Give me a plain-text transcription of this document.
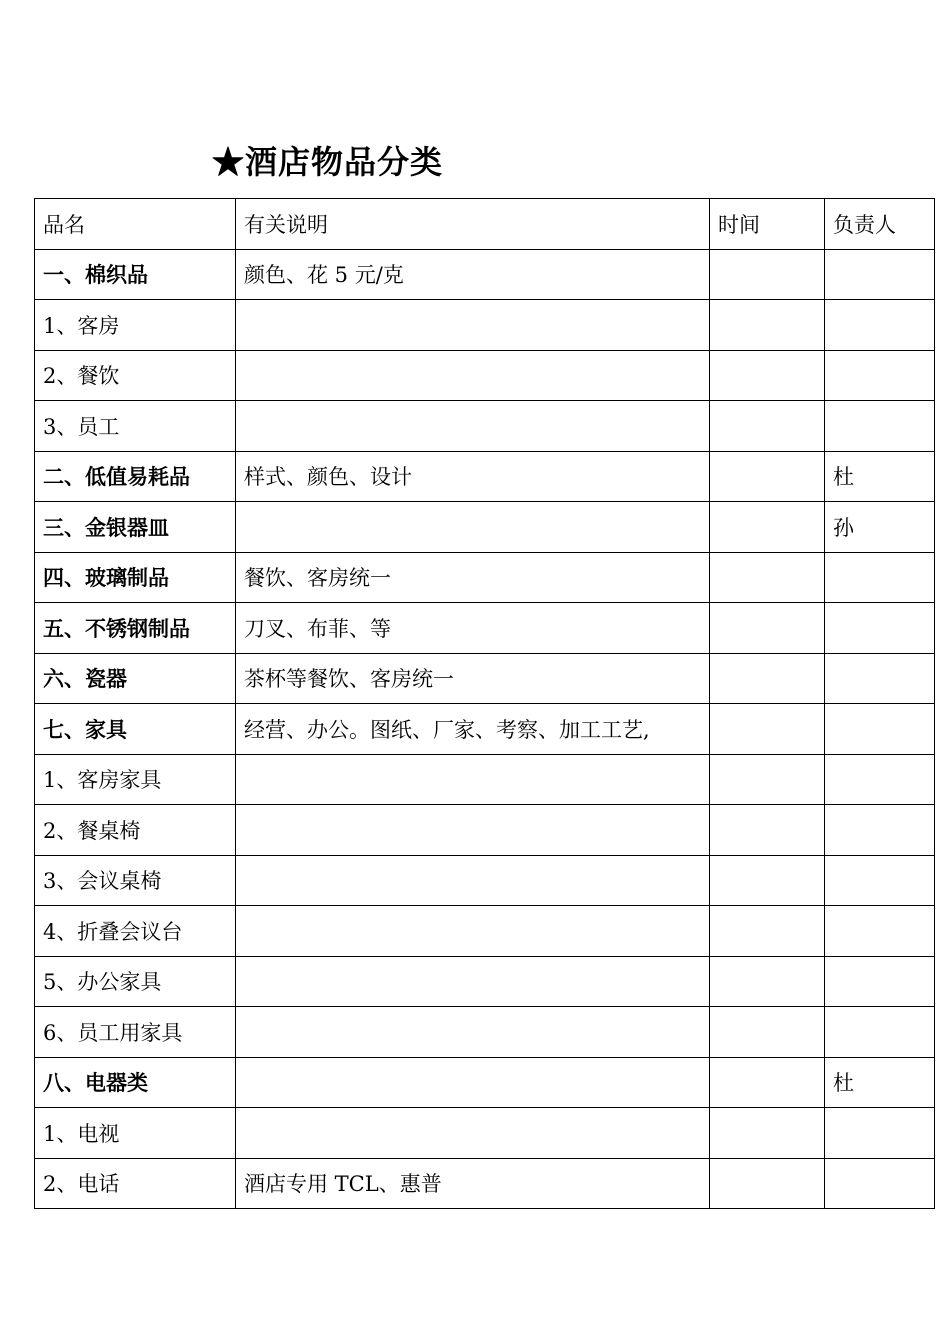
★酒店物品分类
品名	有关说明	时间	负责人
一、棉织品	颜色、花 5 元/克		
1、客房			
2、餐饮			
3、员工			
二、低值易耗品	样式、颜色、设计		杜
三、金银器皿			孙
四、玻璃制品	餐饮、客房统一		
五、不锈钢制品	刀叉、布菲、等		
六、瓷器	茶杯等餐饮、客房统一		
七、家具	经营、办公。图纸、厂家、考察、加工工艺,		
1、客房家具			
2、餐桌椅			
3、会议桌椅			
4、折叠会议台			
5、办公家具			
6、员工用家具			
八、电器类			杜
1、电视			
2、电话	酒店专用 TCL、惠普		
